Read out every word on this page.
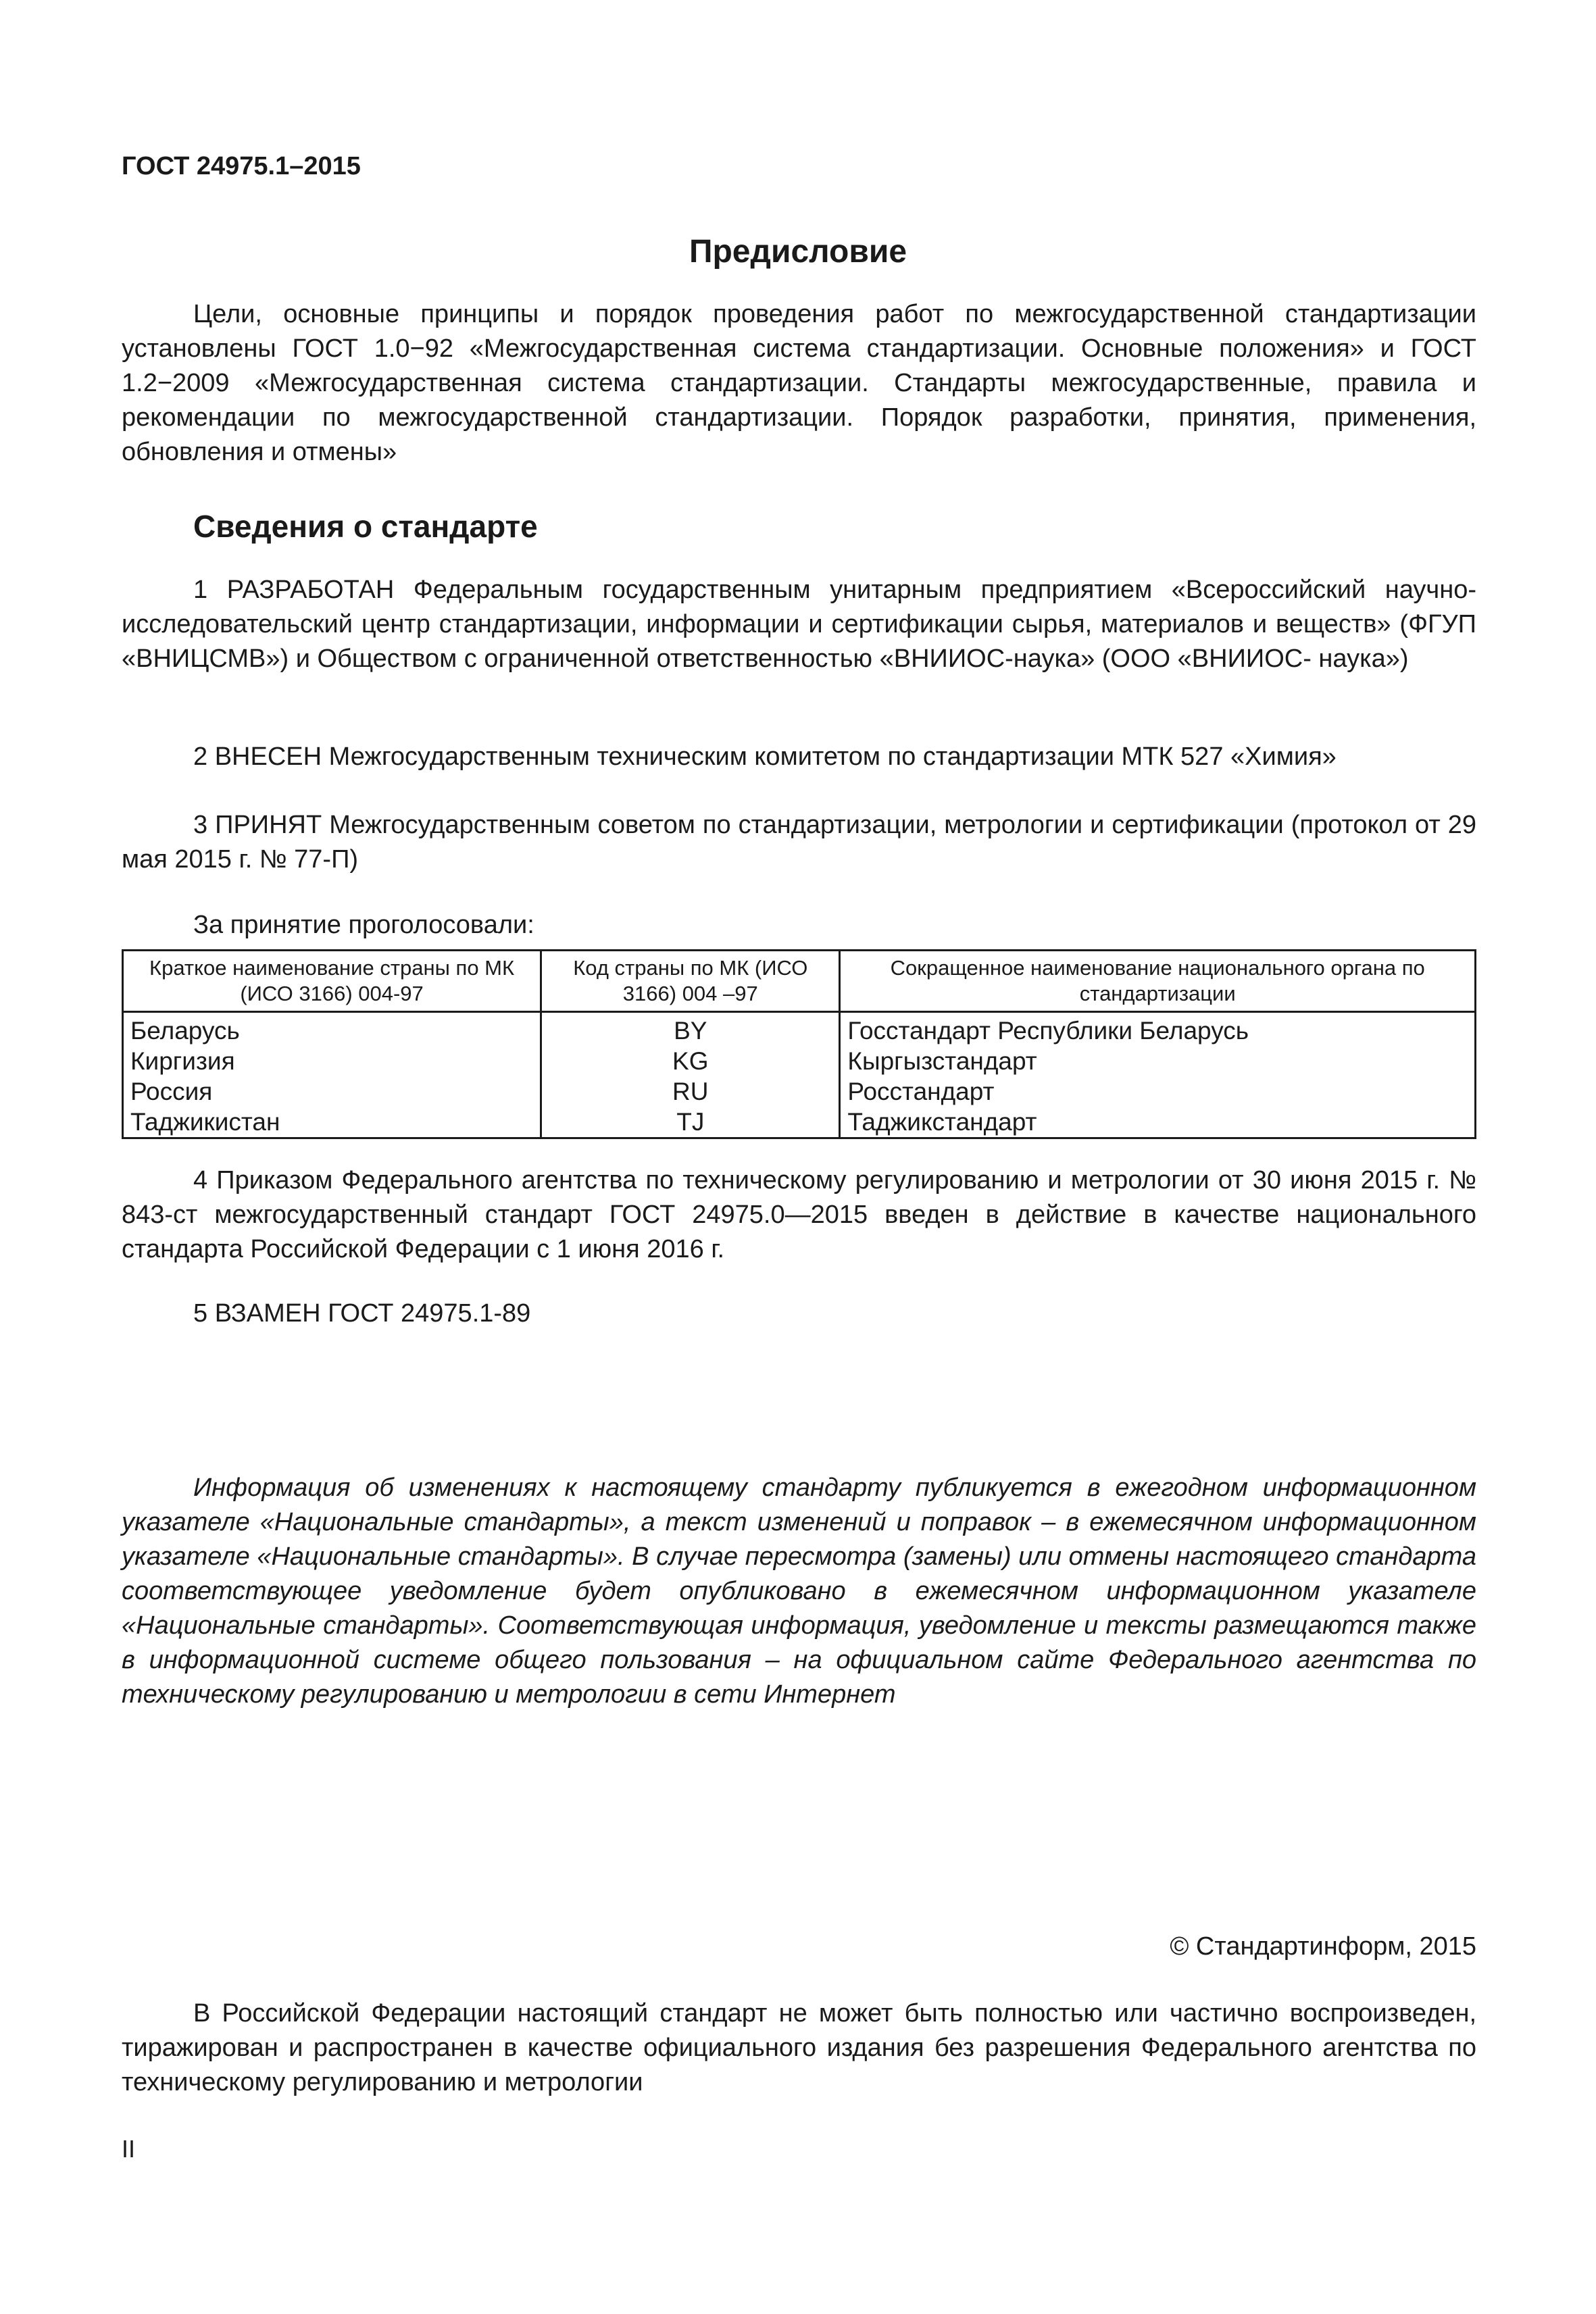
ГОСТ 24975.1–2015

Предисловие

Цели, основные принципы и порядок проведения работ по межгосударственной стандартизации установлены ГОСТ 1.0−92 «Межгосударственная система стандартизации. Основные положения» и ГОСТ 1.2−2009 «Межгосударственная система стандартизации. Стандарты межгосударственные, правила и рекомендации по межгосударственной стандартизации. Порядок разработки, принятия, применения, обновления и отмены»

Сведения о стандарте

1 РАЗРАБОТАН Федеральным государственным унитарным предприятием «Всероссийский научно-исследовательский центр стандартизации, информации и сертификации сырья, материалов и веществ» (ФГУП «ВНИЦСМВ») и Обществом с ограниченной ответственностью «ВНИИОС-наука» (ООО «ВНИИОС- наука»)

2 ВНЕСЕН Межгосударственным техническим комитетом по стандартизации МТК 527 «Химия»

3 ПРИНЯТ Межгосударственным советом по стандартизации, метрологии и сертификации (протокол от 29 мая 2015 г. № 77-П)

За принятие проголосовали:

Краткое наименование страны по МК (ИСО 3166) 004-97	Код страны по МК (ИСО 3166) 004 –97	Сокращенное наименование национального органа по стандартизации
Беларусь	BY	Госстандарт Республики Беларусь
Киргизия	KG	Кыргызстандарт
Россия	RU	Росстандарт
Таджикистан	TJ	Таджикстандарт

4 Приказом Федерального агентства по техническому регулированию и метрологии от 30 июня 2015 г. № 843-ст межгосударственный стандарт ГОСТ 24975.0—2015 введен в действие в качестве национального стандарта Российской Федерации с 1 июня 2016 г.

5 ВЗАМЕН ГОСТ 24975.1-89

Информация об изменениях к настоящему стандарту публикуется в ежегодном информационном указателе «Национальные стандарты», а текст изменений и поправок – в ежемесячном информационном указателе «Национальные стандарты». В случае пересмотра (замены) или отмены настоящего стандарта соответствующее уведомление будет опубликовано в ежемесячном информационном указателе «Национальные стандарты». Соответствующая информация, уведомление и тексты размещаются также в информационной системе общего пользования – на официальном сайте Федерального агентства по техническому регулированию и метрологии в сети Интернет

© Стандартинформ, 2015

В Российской Федерации настоящий стандарт не может быть полностью или частично воспроизведен, тиражирован и распространен в качестве официального издания без разрешения Федерального агентства по техническому регулированию и метрологии

II
